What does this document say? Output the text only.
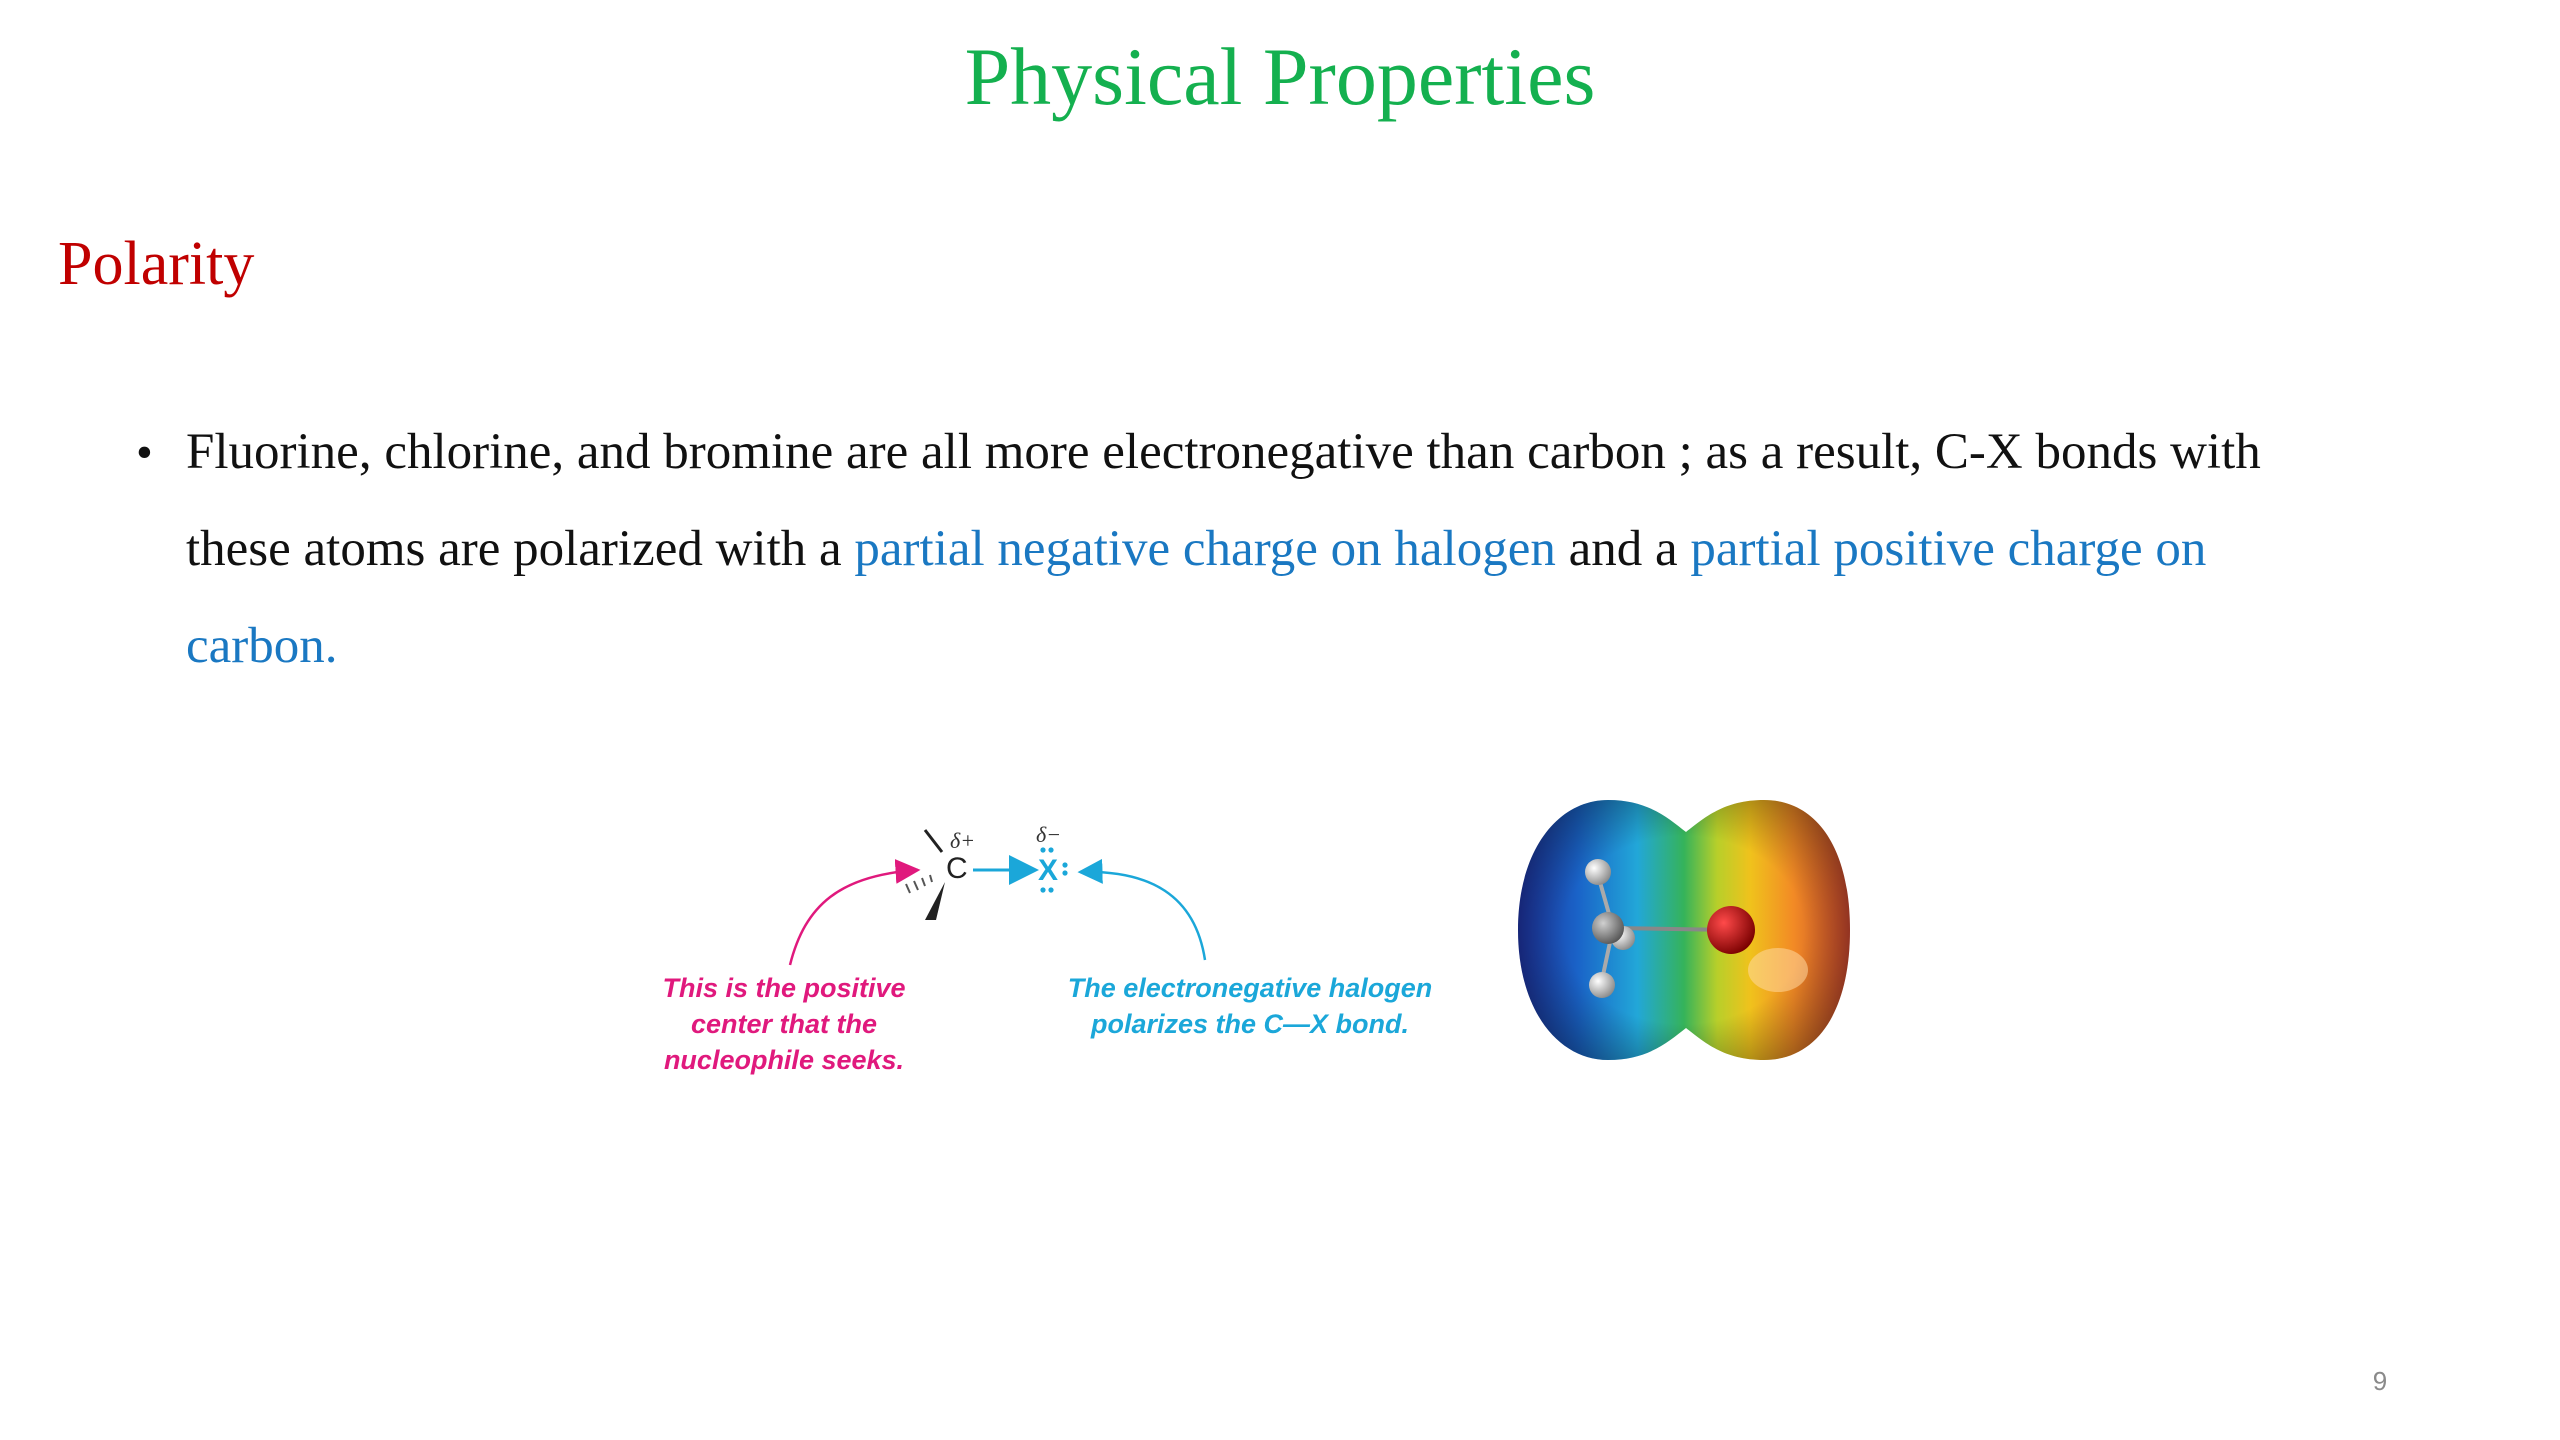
Physical Properties
Polarity
• Fluorine, chlorine, and bromine are all more electronegative than carbon ; as a result, C-X bonds with these atoms are polarized with a partial negative charge on halogen and a partial positive charge on carbon.
C
δ+
X
δ−
This is the positive
center that the
nucleophile seeks.
The electronegative halogen
polarizes the C—X bond.
9
